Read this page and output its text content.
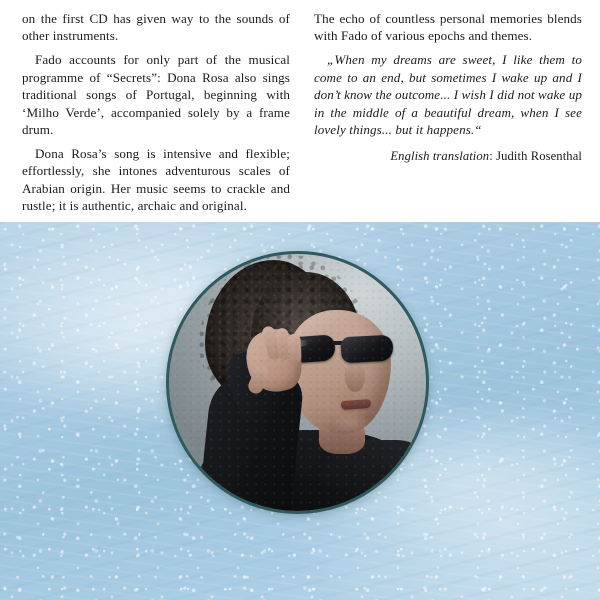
on the first CD has given way to the sounds of other instruments.

Fado accounts for only part of the musical programme of “Secrets”: Dona Rosa also sings traditional songs of Portugal, beginning with ‘Milho Verde’, accompanied solely by a frame drum.

Dona Rosa’s song is intensive and flexible; effortlessly, she intones adventurous scales of Arabian origin. Her music seems to crackle and rustle; it is authentic, archaic and original.

The echo of countless personal memories blends with Fado of various epochs and themes.

„When my dreams are sweet, I like them to come to an end, but sometimes I wake up and I don’t know the outcome... I wish I did not wake up in the middle of a beautiful dream, when I see lovely things... but it happens.“

English translation: Judith Rosenthal
